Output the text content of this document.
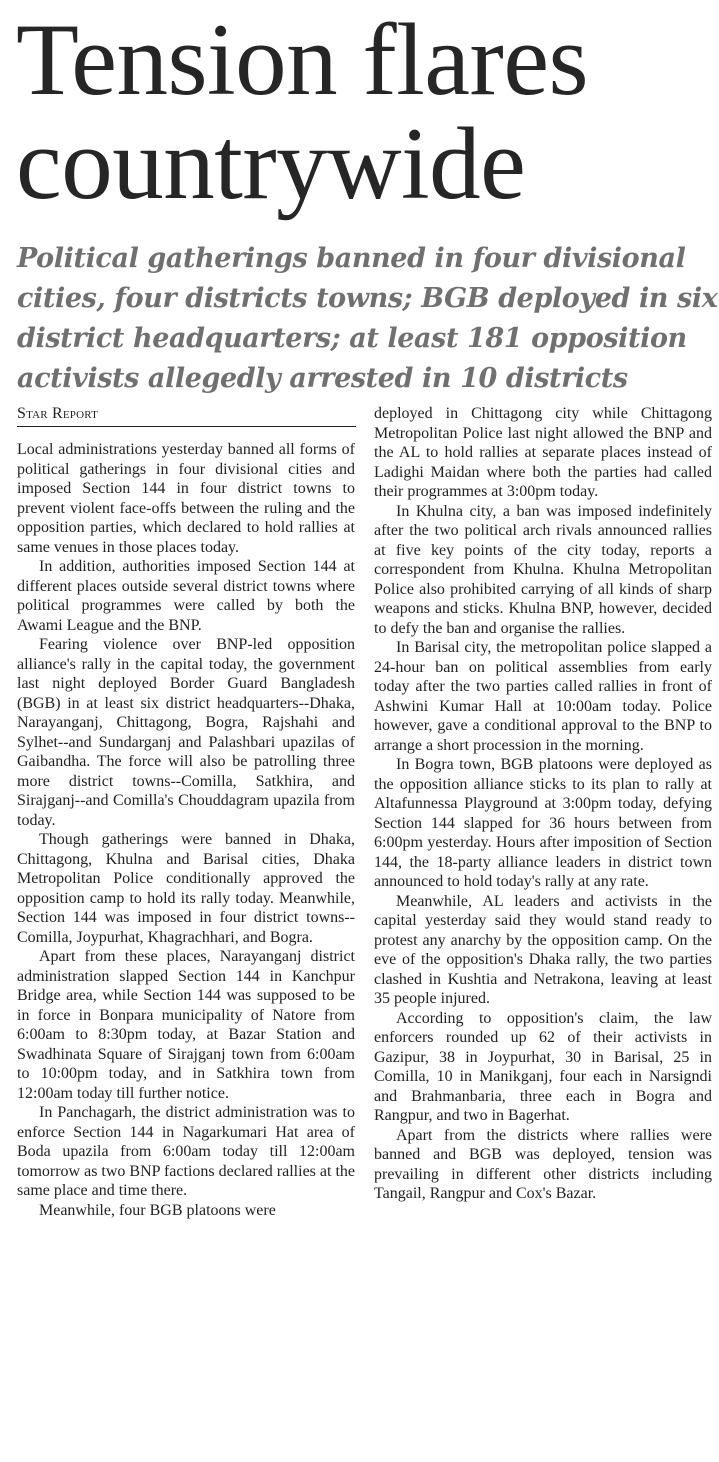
Tension flares countrywide
Political gatherings banned in four divisional cities, four districts towns; BGB deployed in six district headquarters; at least 181 opposition activists allegedly arrested in 10 districts
Star Report

Local administrations yesterday banned all forms of political gatherings in four divisional cities and imposed Section 144 in four district towns to prevent violent face-offs between the ruling and the opposition parties, which declared to hold rallies at same venues in those places today.

In addition, authorities imposed Section 144 at different places outside several district towns where political programmes were called by both the Awami League and the BNP.

Fearing violence over BNP-led opposition alliance's rally in the capital today, the government last night deployed Border Guard Bangladesh (BGB) in at least six district headquarters--Dhaka, Narayanganj, Chittagong, Bogra, Rajshahi and Sylhet--and Sundarganj and Palashbari upazilas of Gaibandha. The force will also be patrolling three more district towns--Comilla, Satkhira, and Sirajganj--and Comilla's Chouddagram upazila from today.

Though gatherings were banned in Dhaka, Chittagong, Khulna and Barisal cities, Dhaka Metropolitan Police conditionally approved the opposition camp to hold its rally today. Meanwhile, Section 144 was imposed in four district towns--Comilla, Joypurhat, Khagrachhari, and Bogra.

Apart from these places, Narayanganj district administration slapped Section 144 in Kanchpur Bridge area, while Section 144 was supposed to be in force in Bonpara municipality of Natore from 6:00am to 8:30pm today, at Bazar Station and Swadhinata Square of Sirajganj town from 6:00am to 10:00pm today, and in Satkhira town from 12:00am today till further notice.

In Panchagarh, the district administration was to enforce Section 144 in Nagarkumari Hat area of Boda upazila from 6:00am today till 12:00am tomorrow as two BNP factions declared rallies at the same place and time there.

Meanwhile, four BGB platoons were

deployed in Chittagong city while Chittagong Metropolitan Police last night allowed the BNP and the AL to hold rallies at separate places instead of Ladighi Maidan where both the parties had called their programmes at 3:00pm today.

In Khulna city, a ban was imposed indefinitely after the two political arch rivals announced rallies at five key points of the city today, reports a correspondent from Khulna. Khulna Metropolitan Police also prohibited carrying of all kinds of sharp weapons and sticks. Khulna BNP, however, decided to defy the ban and organise the rallies.

In Barisal city, the metropolitan police slapped a 24-hour ban on political assemblies from early today after the two parties called rallies in front of Ashwini Kumar Hall at 10:00am today. Police however, gave a conditional approval to the BNP to arrange a short procession in the morning.

In Bogra town, BGB platoons were deployed as the opposition alliance sticks to its plan to rally at Altafunnessa Playground at 3:00pm today, defying Section 144 slapped for 36 hours between from 6:00pm yesterday. Hours after imposition of Section 144, the 18-party alliance leaders in district town announced to hold today's rally at any rate.

Meanwhile, AL leaders and activists in the capital yesterday said they would stand ready to protest any anarchy by the opposition camp. On the eve of the opposition's Dhaka rally, the two parties clashed in Kushtia and Netrakona, leaving at least 35 people injured.

According to opposition's claim, the law enforcers rounded up 62 of their activists in Gazipur, 38 in Joypurhat, 30 in Barisal, 25 in Comilla, 10 in Manikganj, four each in Narsigndi and Brahmanbaria, three each in Bogra and Rangpur, and two in Bagerhat.

Apart from the districts where rallies were banned and BGB was deployed, tension was prevailing in different other districts including Tangail, Rangpur and Cox's Bazar.
